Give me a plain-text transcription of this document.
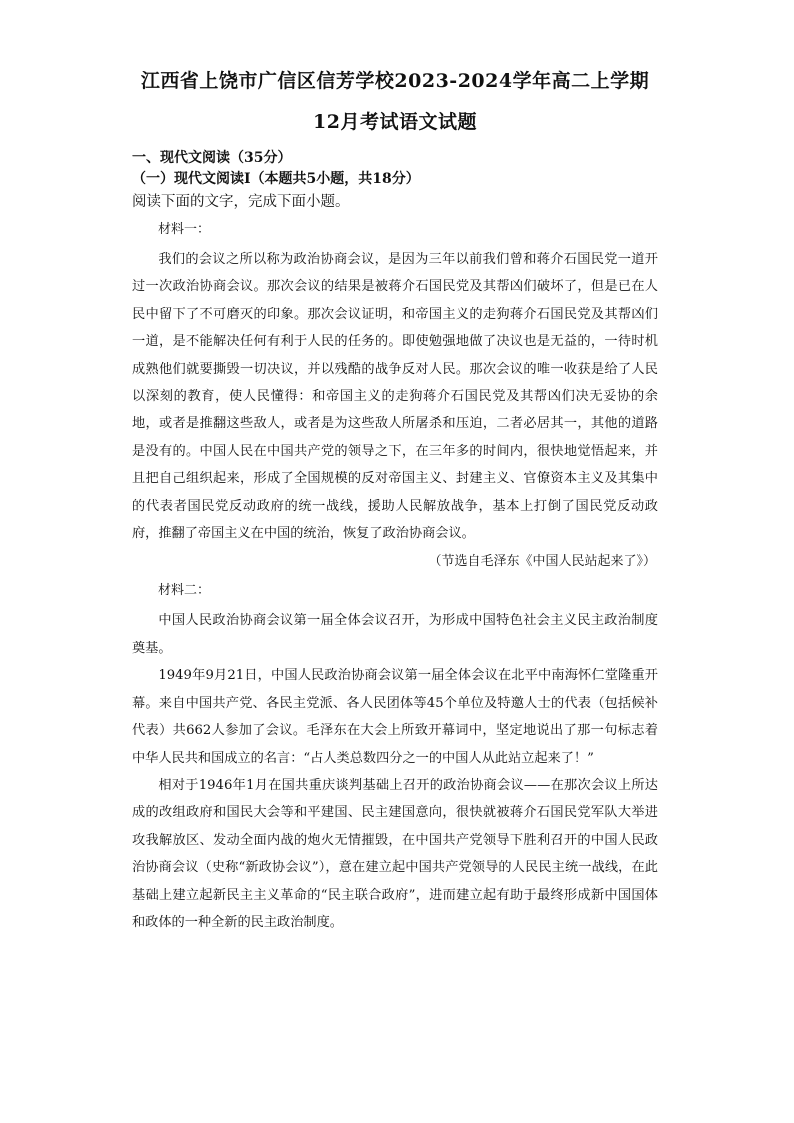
江西省上饶市广信区信芳学校2023-2024学年高二上学期
12月考试语文试题

一、现代文阅读（35分）

（一）现代文阅读Ⅰ（本题共5小题，共18分）

阅读下面的文字，完成下面小题。
材料一：

我们的会议之所以称为政治协商会议，是因为三年以前我们曾和蒋介石国民党一道开过一次政治协商会议。那次会议的结果是被蒋介石国民党及其帮凶们破坏了，但是已在人民中留下了不可磨灭的印象。那次会议证明，和帝国主义的走狗蒋介石国民党及其帮凶们一道，是不能解决任何有利于人民的任务的。即使勉强地做了决议也是无益的，一待时机成熟他们就要撕毁一切决议，并以残酷的战争反对人民。那次会议的唯一收获是给了人民以深刻的教育，使人民懂得：和帝国主义的走狗蒋介石国民党及其帮凶们决无妥协的余地，或者是推翻这些敌人，或者是为这些敌人所屠杀和压迫，二者必居其一，其他的道路是没有的。中国人民在中国共产党的领导之下，在三年多的时间内，很快地觉悟起来，并且把自己组织起来，形成了全国规模的反对帝国主义、封建主义、官僚资本主义及其集中的代表者国民党反动政府的统一战线，援助人民解放战争，基本上打倒了国民党反动政府，推翻了帝国主义在中国的统治，恢复了政治协商会议。

（节选自毛泽东《中国人民站起来了》）
材料二：

中国人民政治协商会议第一届全体会议召开，为形成中国特色社会主义民主政治制度奠基。

1949年9月21日，中国人民政治协商会议第一届全体会议在北平中南海怀仁堂隆重开幕。来自中国共产党、各民主党派、各人民团体等45个单位及特邀人士的代表（包括候补代表）共662人参加了会议。毛泽东在大会上所致开幕词中，坚定地说出了那一句标志着中华人民共和国成立的名言：“占人类总数四分之一的中国人从此站立起来了！”

相对于1946年1月在国共重庆谈判基础上召开的政治协商会议——在那次会议上所达成的改组政府和国民大会等和平建国、民主建国意向，很快就被蒋介石国民党军队大举进攻我解放区、发动全面内战的炮火无情摧毁，在中国共产党领导下胜利召开的中国人民政治协商会议（史称“新政协会议”），意在建立起中国共产党领导的人民民主统一战线，在此基础上建立起新民主主义革命的“民主联合政府”，进而建立起有助于最终形成新中国国体和政体的一种全新的民主政治制度。
